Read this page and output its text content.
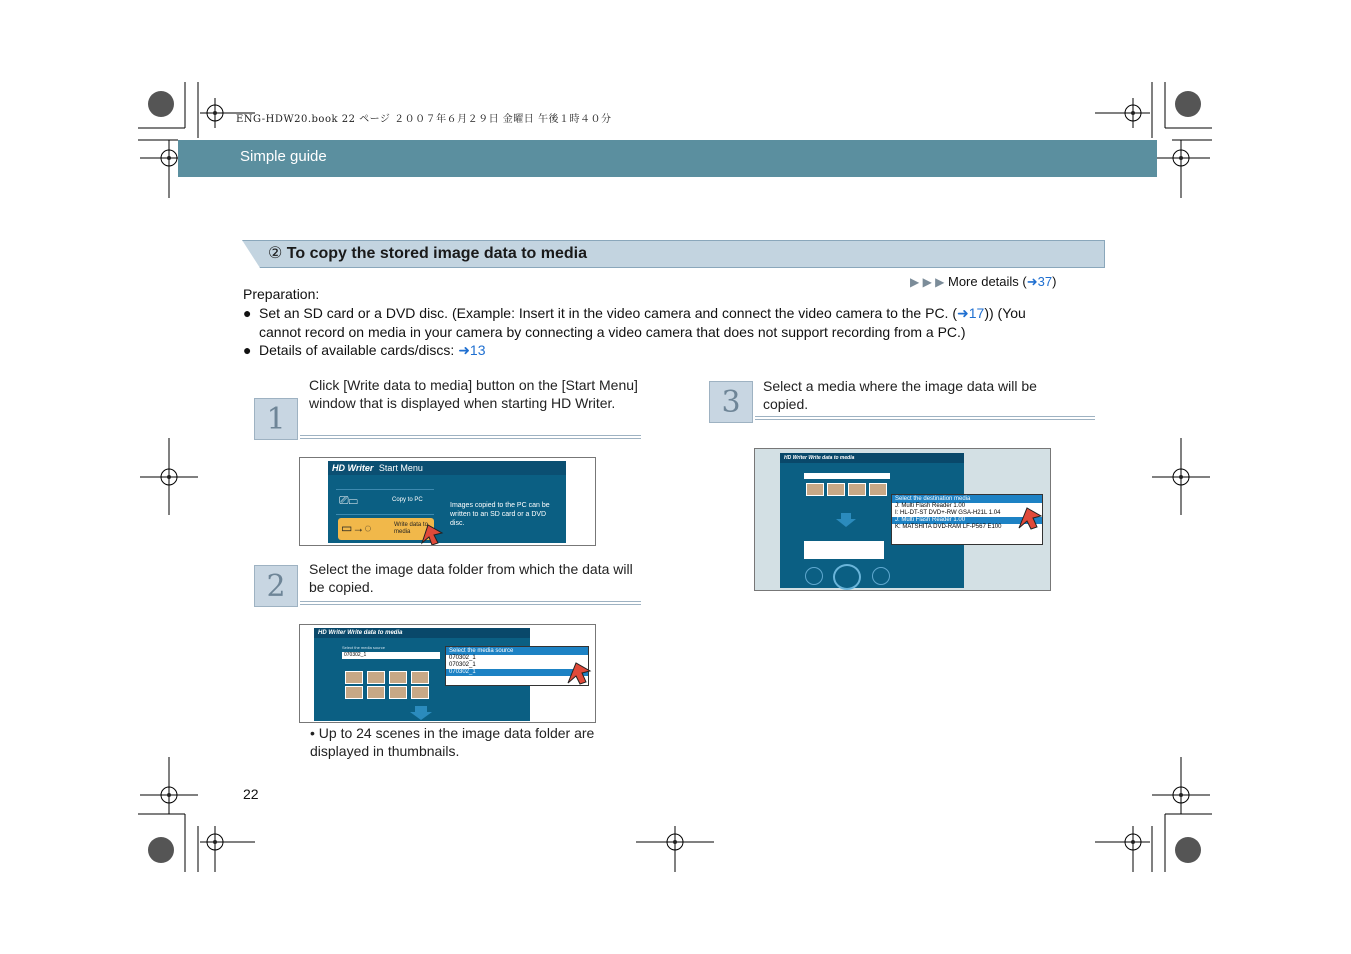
ENG-HDW20.book 22 ページ ２００７年６月２９日 金曜日 午後１時４０分
Simple guide
② To copy the stored image data to media
▶ ▶ ▶ More details (➜37)
Preparation:
● Set an SD card or a DVD disc. (Example: Insert it in the video camera and connect the video camera to the PC. (➜17)) (You
cannot record on media in your camera by connecting a video camera that does not support recording from a PC.)
● Details of available cards/discs: ➜13
1
Click [Write data to media] button on the [Start Menu] window that is displayed when starting HD Writer.
HD Writer Start Menu
⎚▭	Copy to PC
▭→◌	Write data to media
Images copied to the PC can be written to an SD card or a DVD disc.
2	Select the image data folder from which the data will be copied.
HD Writer Write data to media
Select the media source
070302_1
Select the media source
070302_1
070302_1
070302_1
• Up to 24 scenes in the image data folder are displayed in thumbnails.
3	Select a media where the image data will be copied.
HD Writer Write data to media
Select the destination media
J: Multi Flash Reader 1.00
I: HL-DT-ST DVD+-RW GSA-H21L 1.04
J: Multi Flash Reader 1.00
K: MATSHITA DVD-RAM LF-P567 E100
22
